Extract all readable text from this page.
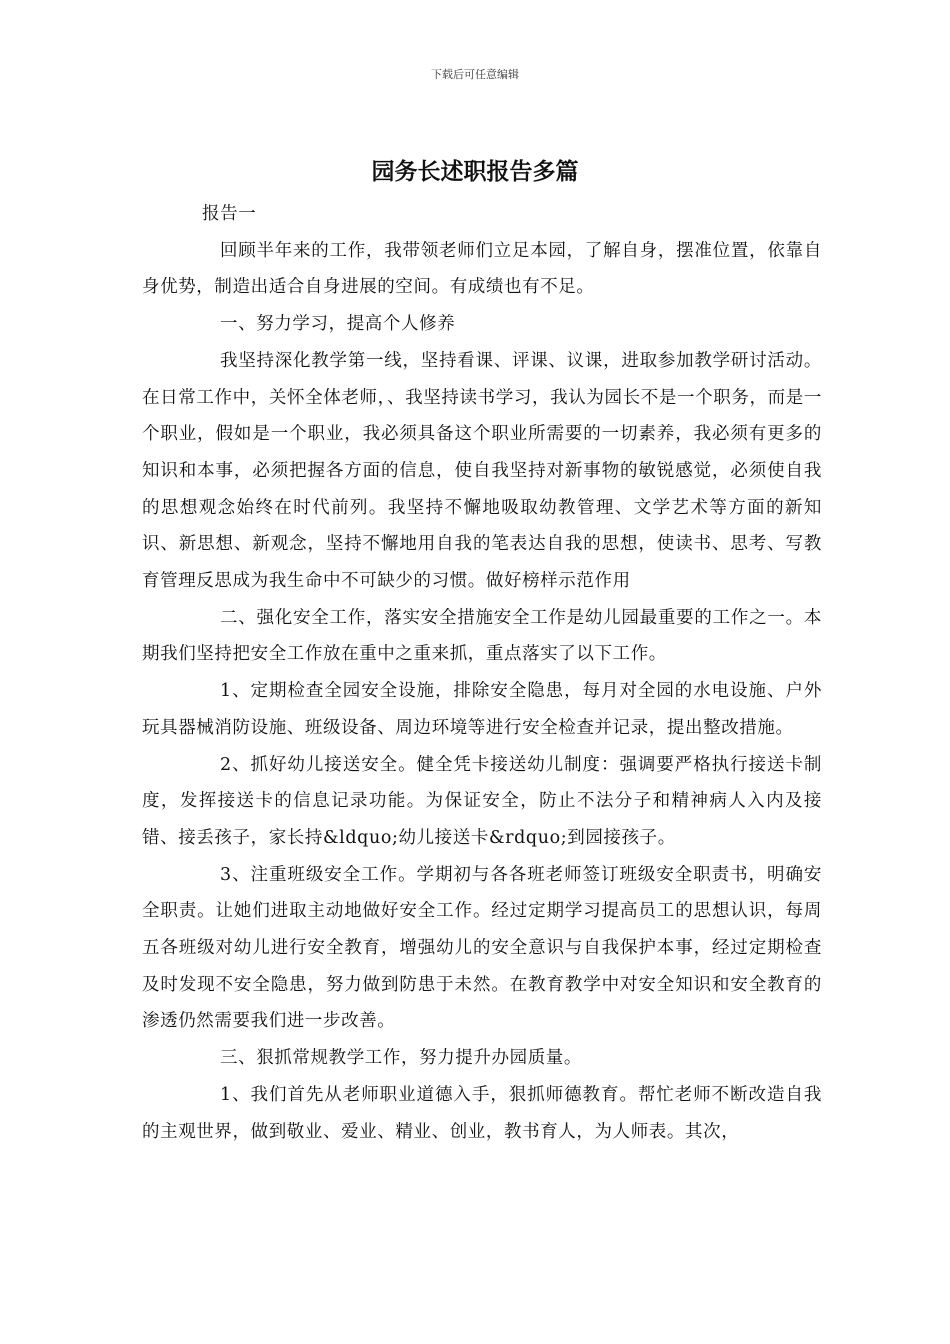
下载后可任意编辑
园务长述职报告多篇

报告一

回顾半年来的工作，我带领老师们立足本园，了解自身，摆准位置，依靠自身优势，制造出适合自身进展的空间。有成绩也有不足。

一、努力学习，提高个人修养

我坚持深化教学第一线，坚持看课、评课、议课，进取参加教学研讨活动。在日常工作中，关怀全体老师，、我坚持读书学习，我认为园长不是一个职务，而是一个职业，假如是一个职业，我必须具备这个职业所需要的一切素养，我必须有更多的知识和本事，必须把握各方面的信息，使自我坚持对新事物的敏锐感觉，必须使自我的思想观念始终在时代前列。我坚持不懈地吸取幼教管理、文学艺术等方面的新知识、新思想、新观念，坚持不懈地用自我的笔表达自我的思想，使读书、思考、写教育管理反思成为我生命中不可缺少的习惯。做好榜样示范作用

二、强化安全工作，落实安全措施安全工作是幼儿园最重要的工作之一。本期我们坚持把安全工作放在重中之重来抓，重点落实了以下工作。

1、定期检查全园安全设施，排除安全隐患，每月对全园的水电设施、户外玩具器械消防设施、班级设备、周边环境等进行安全检查并记录，提出整改措施。

2、抓好幼儿接送安全。健全凭卡接送幼儿制度：强调要严格执行接送卡制度，发挥接送卡的信息记录功能。为保证安全，防止不法分子和精神病人入内及接错、接丢孩子，家长持&ldquo;幼儿接送卡&rdquo;到园接孩子。

3、注重班级安全工作。学期初与各各班老师签订班级安全职责书，明确安全职责。让她们进取主动地做好安全工作。经过定期学习提高员工的思想认识，每周五各班级对幼儿进行安全教育，增强幼儿的安全意识与自我保护本事，经过定期检查及时发现不安全隐患，努力做到防患于未然。在教育教学中对安全知识和安全教育的渗透仍然需要我们进一步改善。

三、狠抓常规教学工作，努力提升办园质量。

1、我们首先从老师职业道德入手，狠抓师德教育。帮忙老师不断改造自我的主观世界，做到敬业、爱业、精业、创业，教书育人，为人师表。其次，
